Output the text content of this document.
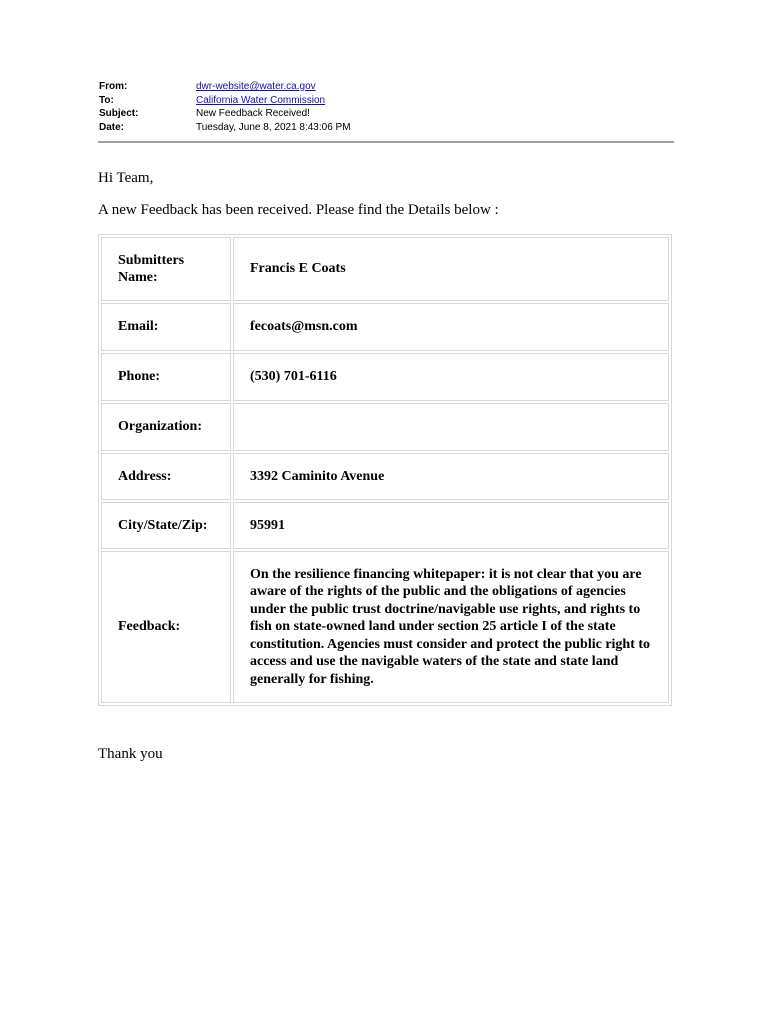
From:	dwr-website@water.ca.gov
To:	California Water Commission
Subject:	New Feedback Received!
Date:	Tuesday, June 8, 2021 8:43:06 PM
Hi Team,
A new Feedback has been received. Please find the Details below :
Submitters Name:	Francis E Coats
Email:	fecoats@msn.com
Phone:	(530) 701-6116
Organization:	
Address:	3392 Caminito Avenue
City/State/Zip:	95991
Feedback:	On the resilience financing whitepaper: it is not clear that you are aware of the rights of the public and the obligations of agencies under the public trust doctrine/navigable use rights, and rights to fish on state-owned land under section 25 article I of the state constitution. Agencies must consider and protect the public right to access and use the navigable waters of the state and state land generally for fishing.
Thank you
